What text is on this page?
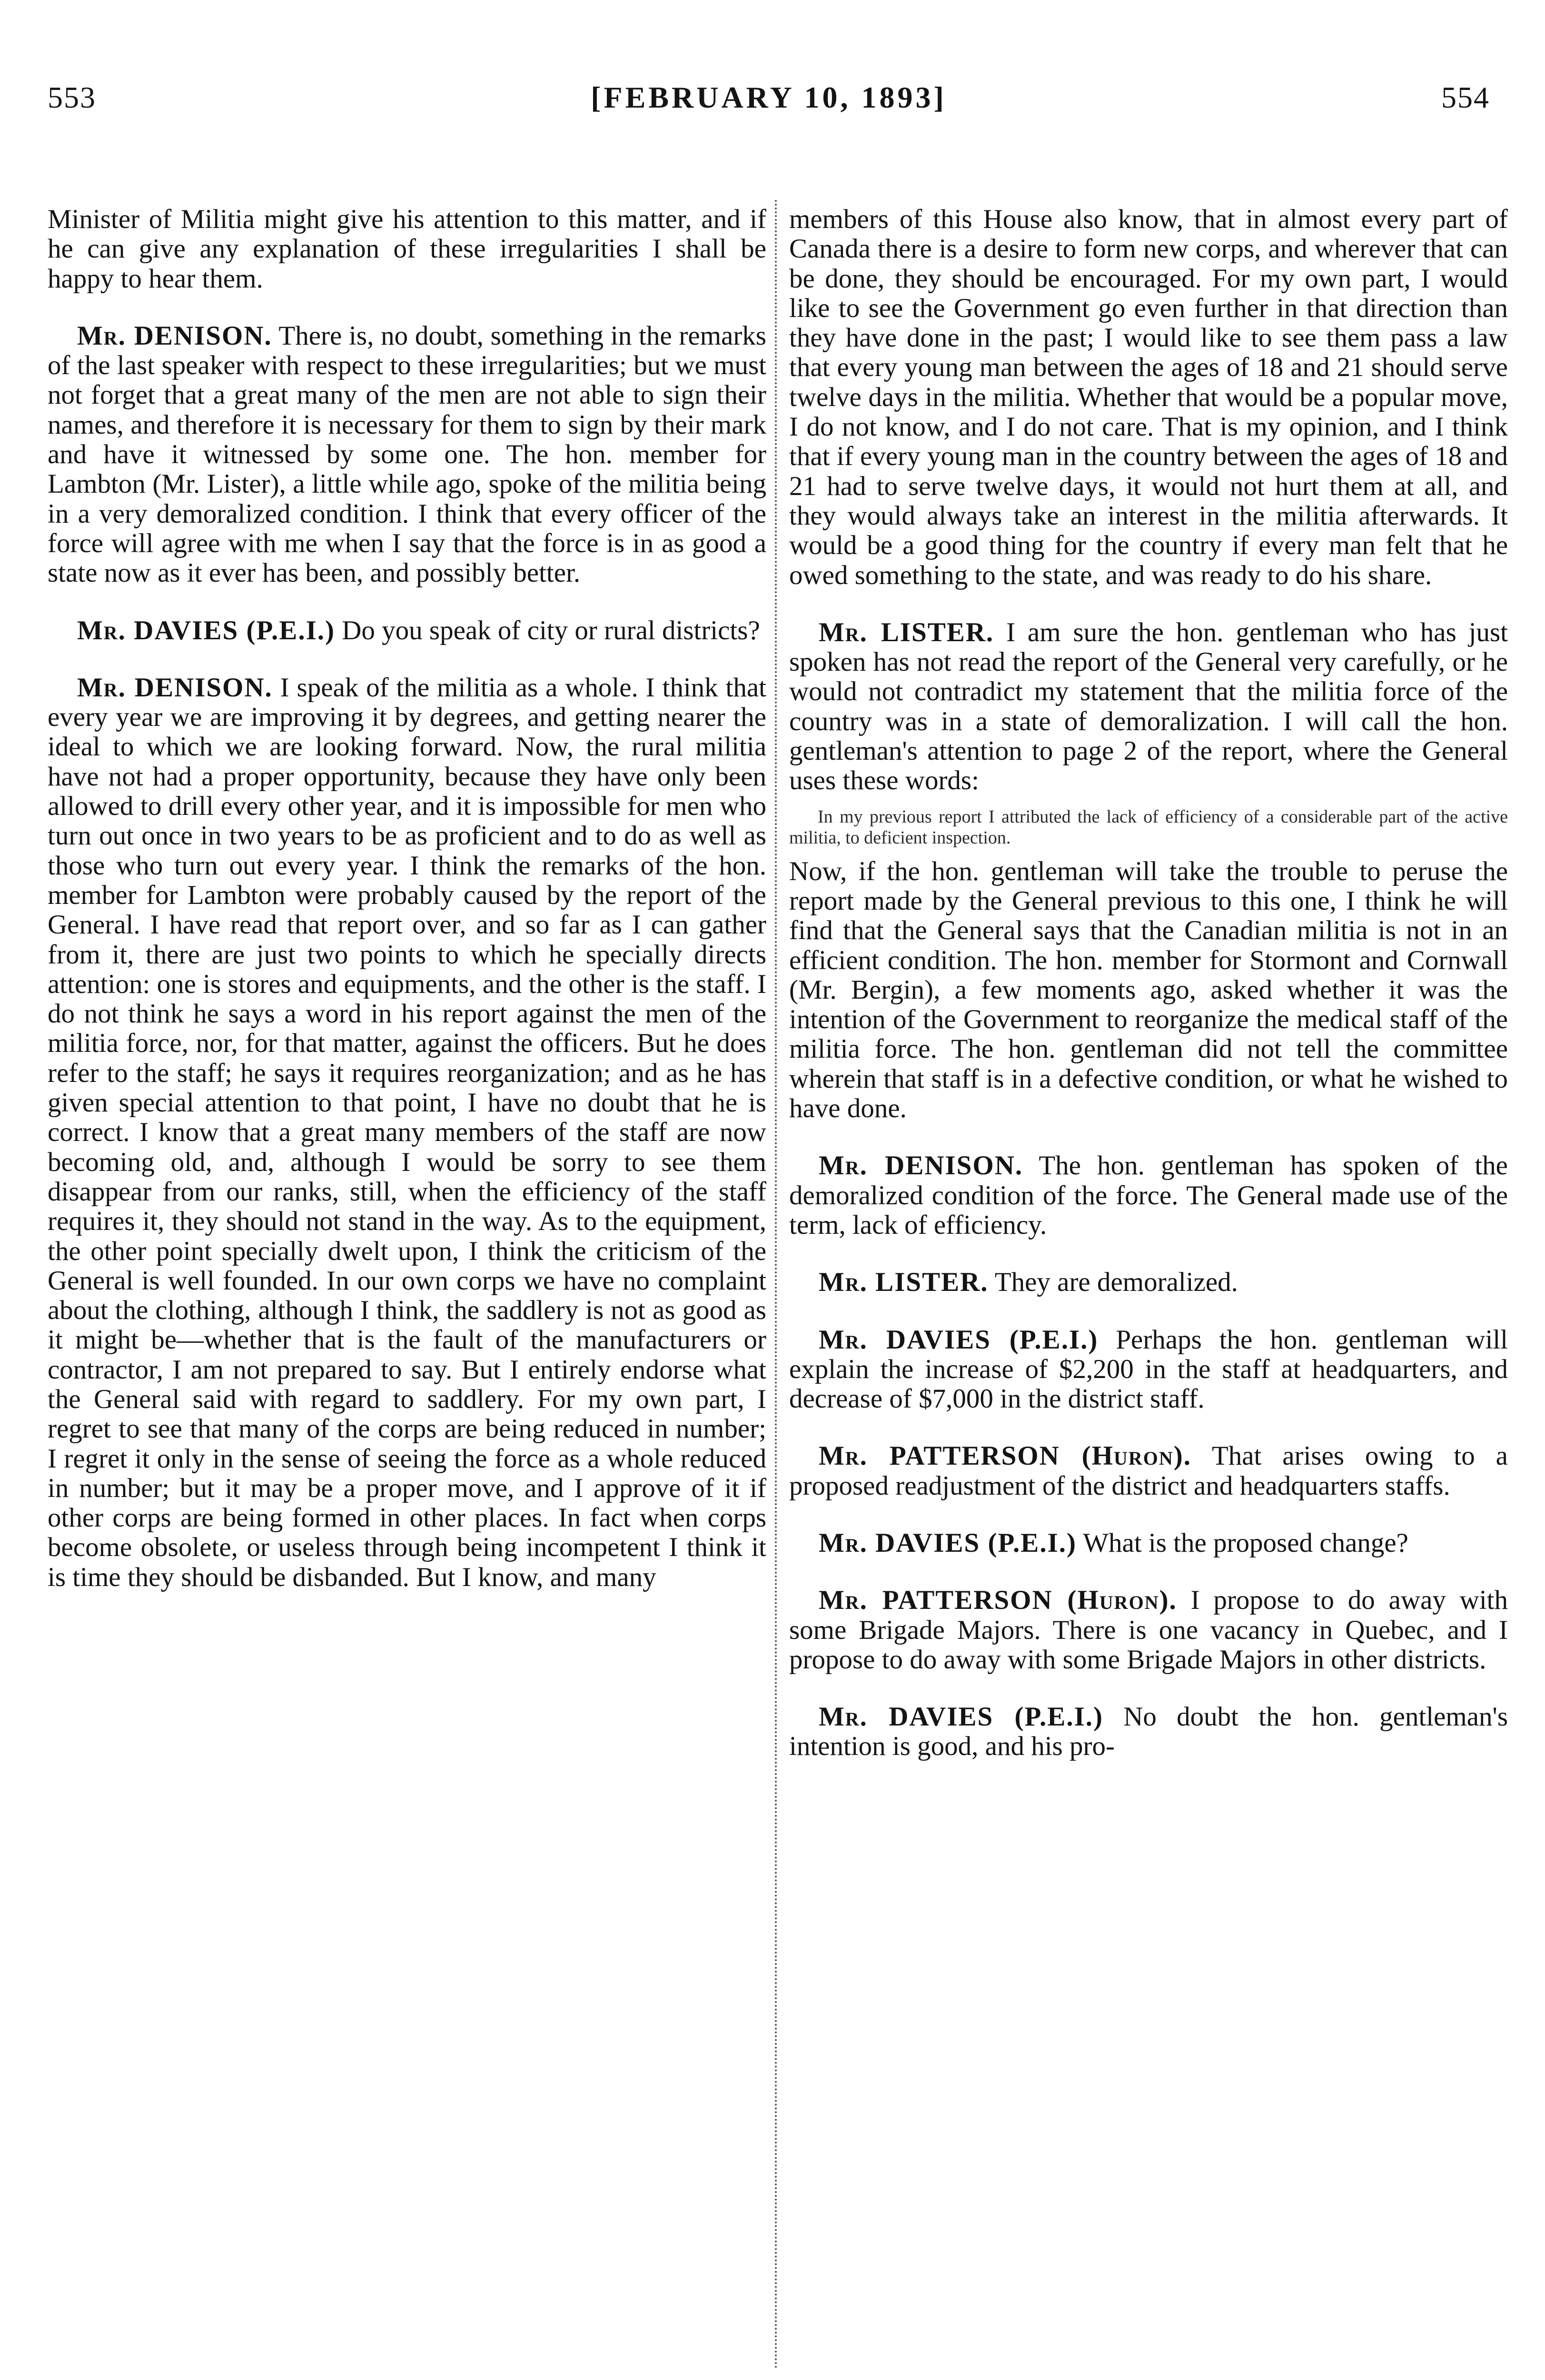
553	[FEBRUARY 10, 1893]	554

Minister of Militia might give his attention to this matter, and if he can give any explanation of these irregularities I shall be happy to hear them.

Mr. DENISON. There is, no doubt, something in the remarks of the last speaker with respect to these irregularities; but we must not forget that a great many of the men are not able to sign their names, and therefore it is necessary for them to sign by their mark and have it witnessed by some one. The hon. member for Lambton (Mr. Lister), a little while ago, spoke of the militia being in a very demoralized condition. I think that every officer of the force will agree with me when I say that the force is in as good a state now as it ever has been, and possibly better.

Mr. DAVIES (P.E.I.) Do you speak of city or rural districts?

Mr. DENISON. I speak of the militia as a whole. I think that every year we are improving it by degrees, and getting nearer the ideal to which we are looking forward. Now, the rural militia have not had a proper opportunity, because they have only been allowed to drill every other year, and it is impossible for men who turn out once in two years to be as proficient and to do as well as those who turn out every year. I think the remarks of the hon. member for Lambton were probably caused by the report of the General. I have read that report over, and so far as I can gather from it, there are just two points to which he specially directs attention: one is stores and equipments, and the other is the staff. I do not think he says a word in his report against the men of the militia force, nor, for that matter, against the officers. But he does refer to the staff; he says it requires reorganization; and as he has given special attention to that point, I have no doubt that he is correct. I know that a great many members of the staff are now becoming old, and, although I would be sorry to see them disappear from our ranks, still, when the efficiency of the staff requires it, they should not stand in the way. As to the equipment, the other point specially dwelt upon, I think the criticism of the General is well founded. In our own corps we have no complaint about the clothing, although I think, the saddlery is not as good as it might be—whether that is the fault of the manufacturers or contractor, I am not prepared to say. But I entirely endorse what the General said with regard to saddlery. For my own part, I regret to see that many of the corps are being reduced in number; I regret it only in the sense of seeing the force as a whole reduced in number; but it may be a proper move, and I approve of it if other corps are being formed in other places. In fact when corps become obsolete, or useless through being incompetent I think it is time they should be disbanded. But I know, and many

members of this House also know, that in almost every part of Canada there is a desire to form new corps, and wherever that can be done, they should be encouraged. For my own part, I would like to see the Government go even further in that direction than they have done in the past; I would like to see them pass a law that every young man between the ages of 18 and 21 should serve twelve days in the militia. Whether that would be a popular move, I do not know, and I do not care. That is my opinion, and I think that if every young man in the country between the ages of 18 and 21 had to serve twelve days, it would not hurt them at all, and they would always take an interest in the militia afterwards. It would be a good thing for the country if every man felt that he owed something to the state, and was ready to do his share.

Mr. LISTER. I am sure the hon. gentleman who has just spoken has not read the report of the General very carefully, or he would not contradict my statement that the militia force of the country was in a state of demoralization. I will call the hon. gentleman's attention to page 2 of the report, where the General uses these words:

In my previous report I attributed the lack of efficiency of a considerable part of the active militia, to deficient inspection.

Now, if the hon. gentleman will take the trouble to peruse the report made by the General previous to this one, I think he will find that the General says that the Canadian militia is not in an efficient condition. The hon. member for Stormont and Cornwall (Mr. Bergin), a few moments ago, asked whether it was the intention of the Government to reorganize the medical staff of the militia force. The hon. gentleman did not tell the committee wherein that staff is in a defective condition, or what he wished to have done.

Mr. DENISON. The hon. gentleman has spoken of the demoralized condition of the force. The General made use of the term, lack of efficiency.

Mr. LISTER. They are demoralized.

Mr. DAVIES (P.E.I.) Perhaps the hon. gentleman will explain the increase of $2,200 in the staff at headquarters, and decrease of $7,000 in the district staff.

Mr. PATTERSON (Huron). That arises owing to a proposed readjustment of the district and headquarters staffs.

Mr. DAVIES (P.E.I.) What is the proposed change?

Mr. PATTERSON (Huron). I propose to do away with some Brigade Majors. There is one vacancy in Quebec, and I propose to do away with some Brigade Majors in other districts.

Mr. DAVIES (P.E.I.) No doubt the hon. gentleman's intention is good, and his pro-
